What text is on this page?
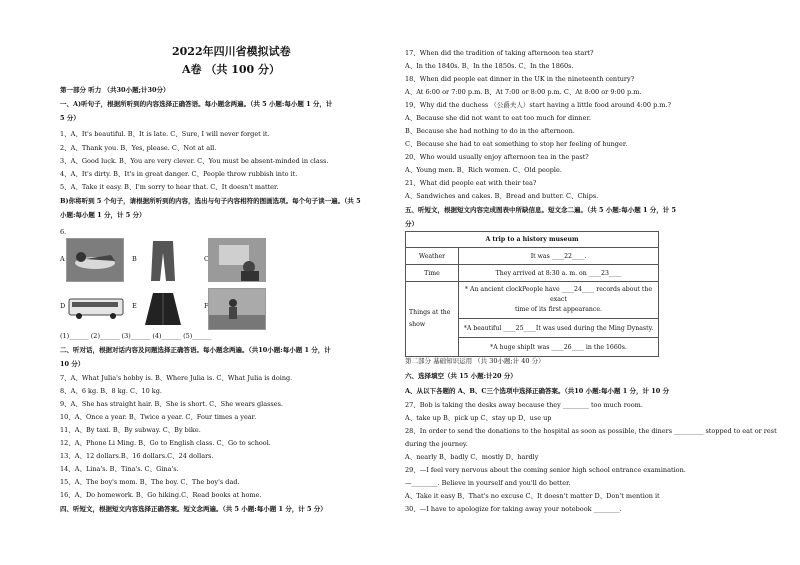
2022年四川省模拟试卷
A卷 （共 100 分）
第一部分 听力 （共30小题;计30分）
一、A)听句子，根据所听到的内容选择正确答语。每小题念两遍。（共 5 小题:每小题 1 分，计
5 分）
1、A、It's beautiful. B、It is late. C、Sure, I will never forget it.
2、A、Thank you. B、Yes, please. C、Not at all.
3、A、Good luck. B、You are very clever. C、You must be absent-minded in class.
4、A、It's dirty. B、It's in great danger. C、People throw rubbish into it.
5、A、Take it easy. B、I'm sorry to hear that. C、It doesn't matter.
B)你将听到 5 个句子，请根据所听到的内容，选出与句子内容相符的图画选项。每个句子读一遍。（共 5
小题:每小题 1 分，计 5 分）
6.
A	B	C
D	E	F
(1)______ (2)______ (3)______ (4)______ (5)______
二、听对话，根据对话内容及问题选择正确答语。每小题念两遍。（共10小题:每小题 1 分，计
10 分）
7、A、What Julia's hobby is. B、Where Julia is. C、What Julia is doing.
8、A、6 kg. B、8 kg. C、10 kg.
9、A、She has straight hair. B、She is short. C、She wears glasses.
10、A、Once a year. B、Twice a year. C、Four times a year.
11、A、By taxi. B、By subway. C、By bike.
12、A、Phone Li Ming. B、Go to English class. C、Go to school.
13、A、12 dollars.B、16 dollars.C、24 dollars.
14、A、Lina's. B、Tina's. C、Gina's.
15、A、The boy's mom. B、The boy. C、The boy's dad.
16、A、Do homework. B、Go hiking.C、Read books at home.
四、听短文，根据短文内容选择正确答案。短文念两遍。（共 5 小题:每小题 1 分，计 5 分）
17、When did the tradition of taking afternoon tea start?
A、In the 1840s. B、In the 1850s. C、In the 1860s.
18、When did people eat dinner in the UK in the nineteenth century?
A、At 6:00 or 7:00 p.m. B、At 7:00 or 8:00 p.m. C、At 8:00 or 9:00 p.m.
19、Why did the duchess （公爵夫人）start having a little food around 4:00 p.m.?
A、Because she did not want to eat too much for dinner.
B、Because she had nothing to do in the afternoon.
C、Because she had to eat something to stop her feeling of hunger.
20、Who would usually enjoy afternoon tea in the past?
A、Young men. B、Rich women. C、Old people.
21、What did people eat with their tea?
A、Sandwiches and cakes. B、Bread and butter. C、Chips.
五、听短文，根据短文内容完成图表中所缺信息。短文念二遍。（共 5 小题:每小题 1 分，计 5
分）
A trip to a history museum	
Weather	It was ____22____.
Time	They arrived at 8:30 a. m. on ____23____
Things at the show	* An ancient clockPeople have ____24____ records about the exact
time of its first appearance.

	*A beautiful ____25____It was used during the Ming Dynasty.
	*A huge shipIt was ____26____ in the 1660s.
第二部分 基础知识运用 （共 30小题;计 40 分）
六、选择填空（共 15 小题:计20 分）
A、从以下各题的 A、B、C三个选项中选择正确答案。（共10 小题:每小题 1 分，计 10 分
27、Bob is taking the desks away because they ________ too much room.
A、take up B、pick up C、stay up D、use up
28、In order to send the donations to the hospital as soon as possible, the diners _________ stopped to eat or rest
during the journey.
A、nearly B、badly C、mostly D、hardly
29、—I feel very nervous about the coming senior high school entrance examination.
—________. Believe in yourself and you'll do better.
A、Take it easy B、That's no excuse C、It doesn't matter D、Don't mention it
30、—I have to apologize for taking away your notebook ________.
